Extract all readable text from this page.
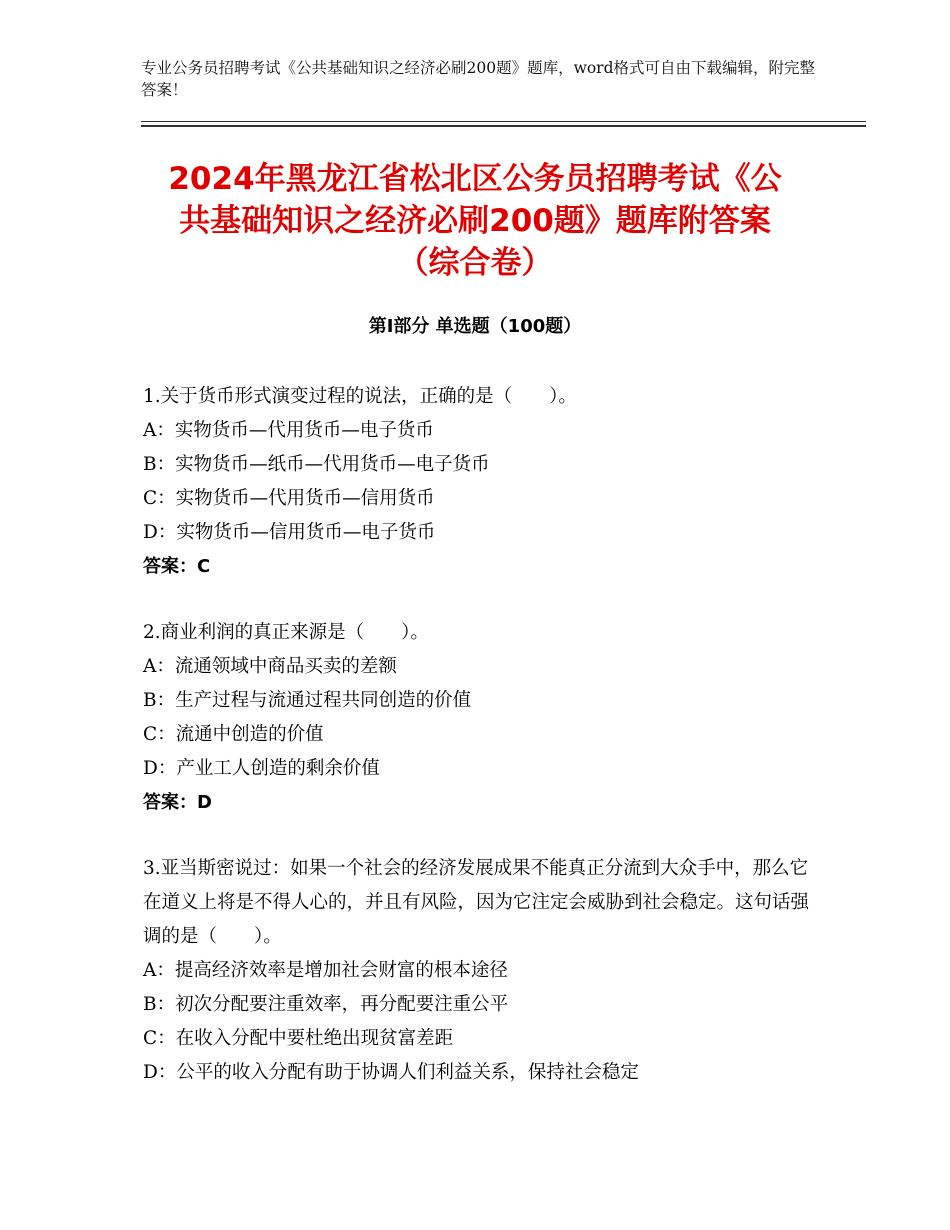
专业公务员招聘考试《公共基础知识之经济必刷200题》题库，word格式可自由下载编辑，附完整答案！
2024年黑龙江省松北区公务员招聘考试《公
共基础知识之经济必刷200题》题库附答案
（综合卷）
第Ⅰ部分 单选题（100题）
1.关于货币形式演变过程的说法，正确的是（　　）。
A：实物货币—代用货币—电子货币
B：实物货币—纸币—代用货币—电子货币
C：实物货币—代用货币—信用货币
D：实物货币—信用货币—电子货币
答案：C
2.商业利润的真正来源是（　　）。
A：流通领域中商品买卖的差额
B：生产过程与流通过程共同创造的价值
C：流通中创造的价值
D：产业工人创造的剩余价值
答案：D
3.亚当斯密说过：如果一个社会的经济发展成果不能真正分流到大众手中，那么它在道义上将是不得人心的，并且有风险，因为它注定会威胁到社会稳定。这句话强调的是（　　）。
A：提高经济效率是增加社会财富的根本途径
B：初次分配要注重效率，再分配要注重公平
C：在收入分配中要杜绝出现贫富差距
D：公平的收入分配有助于协调人们利益关系，保持社会稳定
